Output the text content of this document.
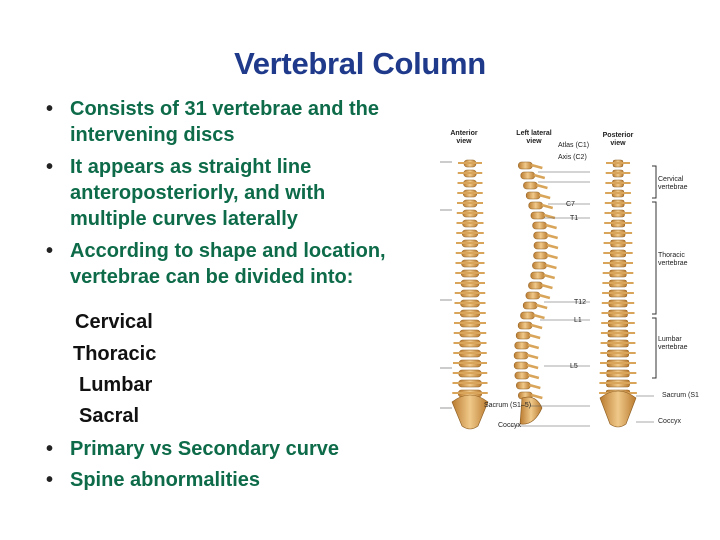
Vertebral Column
• Consists of 31 vertebrae and the intervening discs
• It appears as straight line anteroposteriorly, and with multiple curves laterally
• According to shape and location, vertebrae can be divided into:
Cervical
Thoracic
Lumbar
Sacral
• Primary vs Secondary curve
• Spine abnormalities
Anterior view
Left lateral view
Posterior view
Atlas (C1)
Axis (C2)
C7
T1
T12
L1
L5
Sacrum (S1–5)
Coccyx
Cervical vertebrae
Thoracic vertebrae
Lumbar vertebrae
Sacrum (S1
Coccyx
